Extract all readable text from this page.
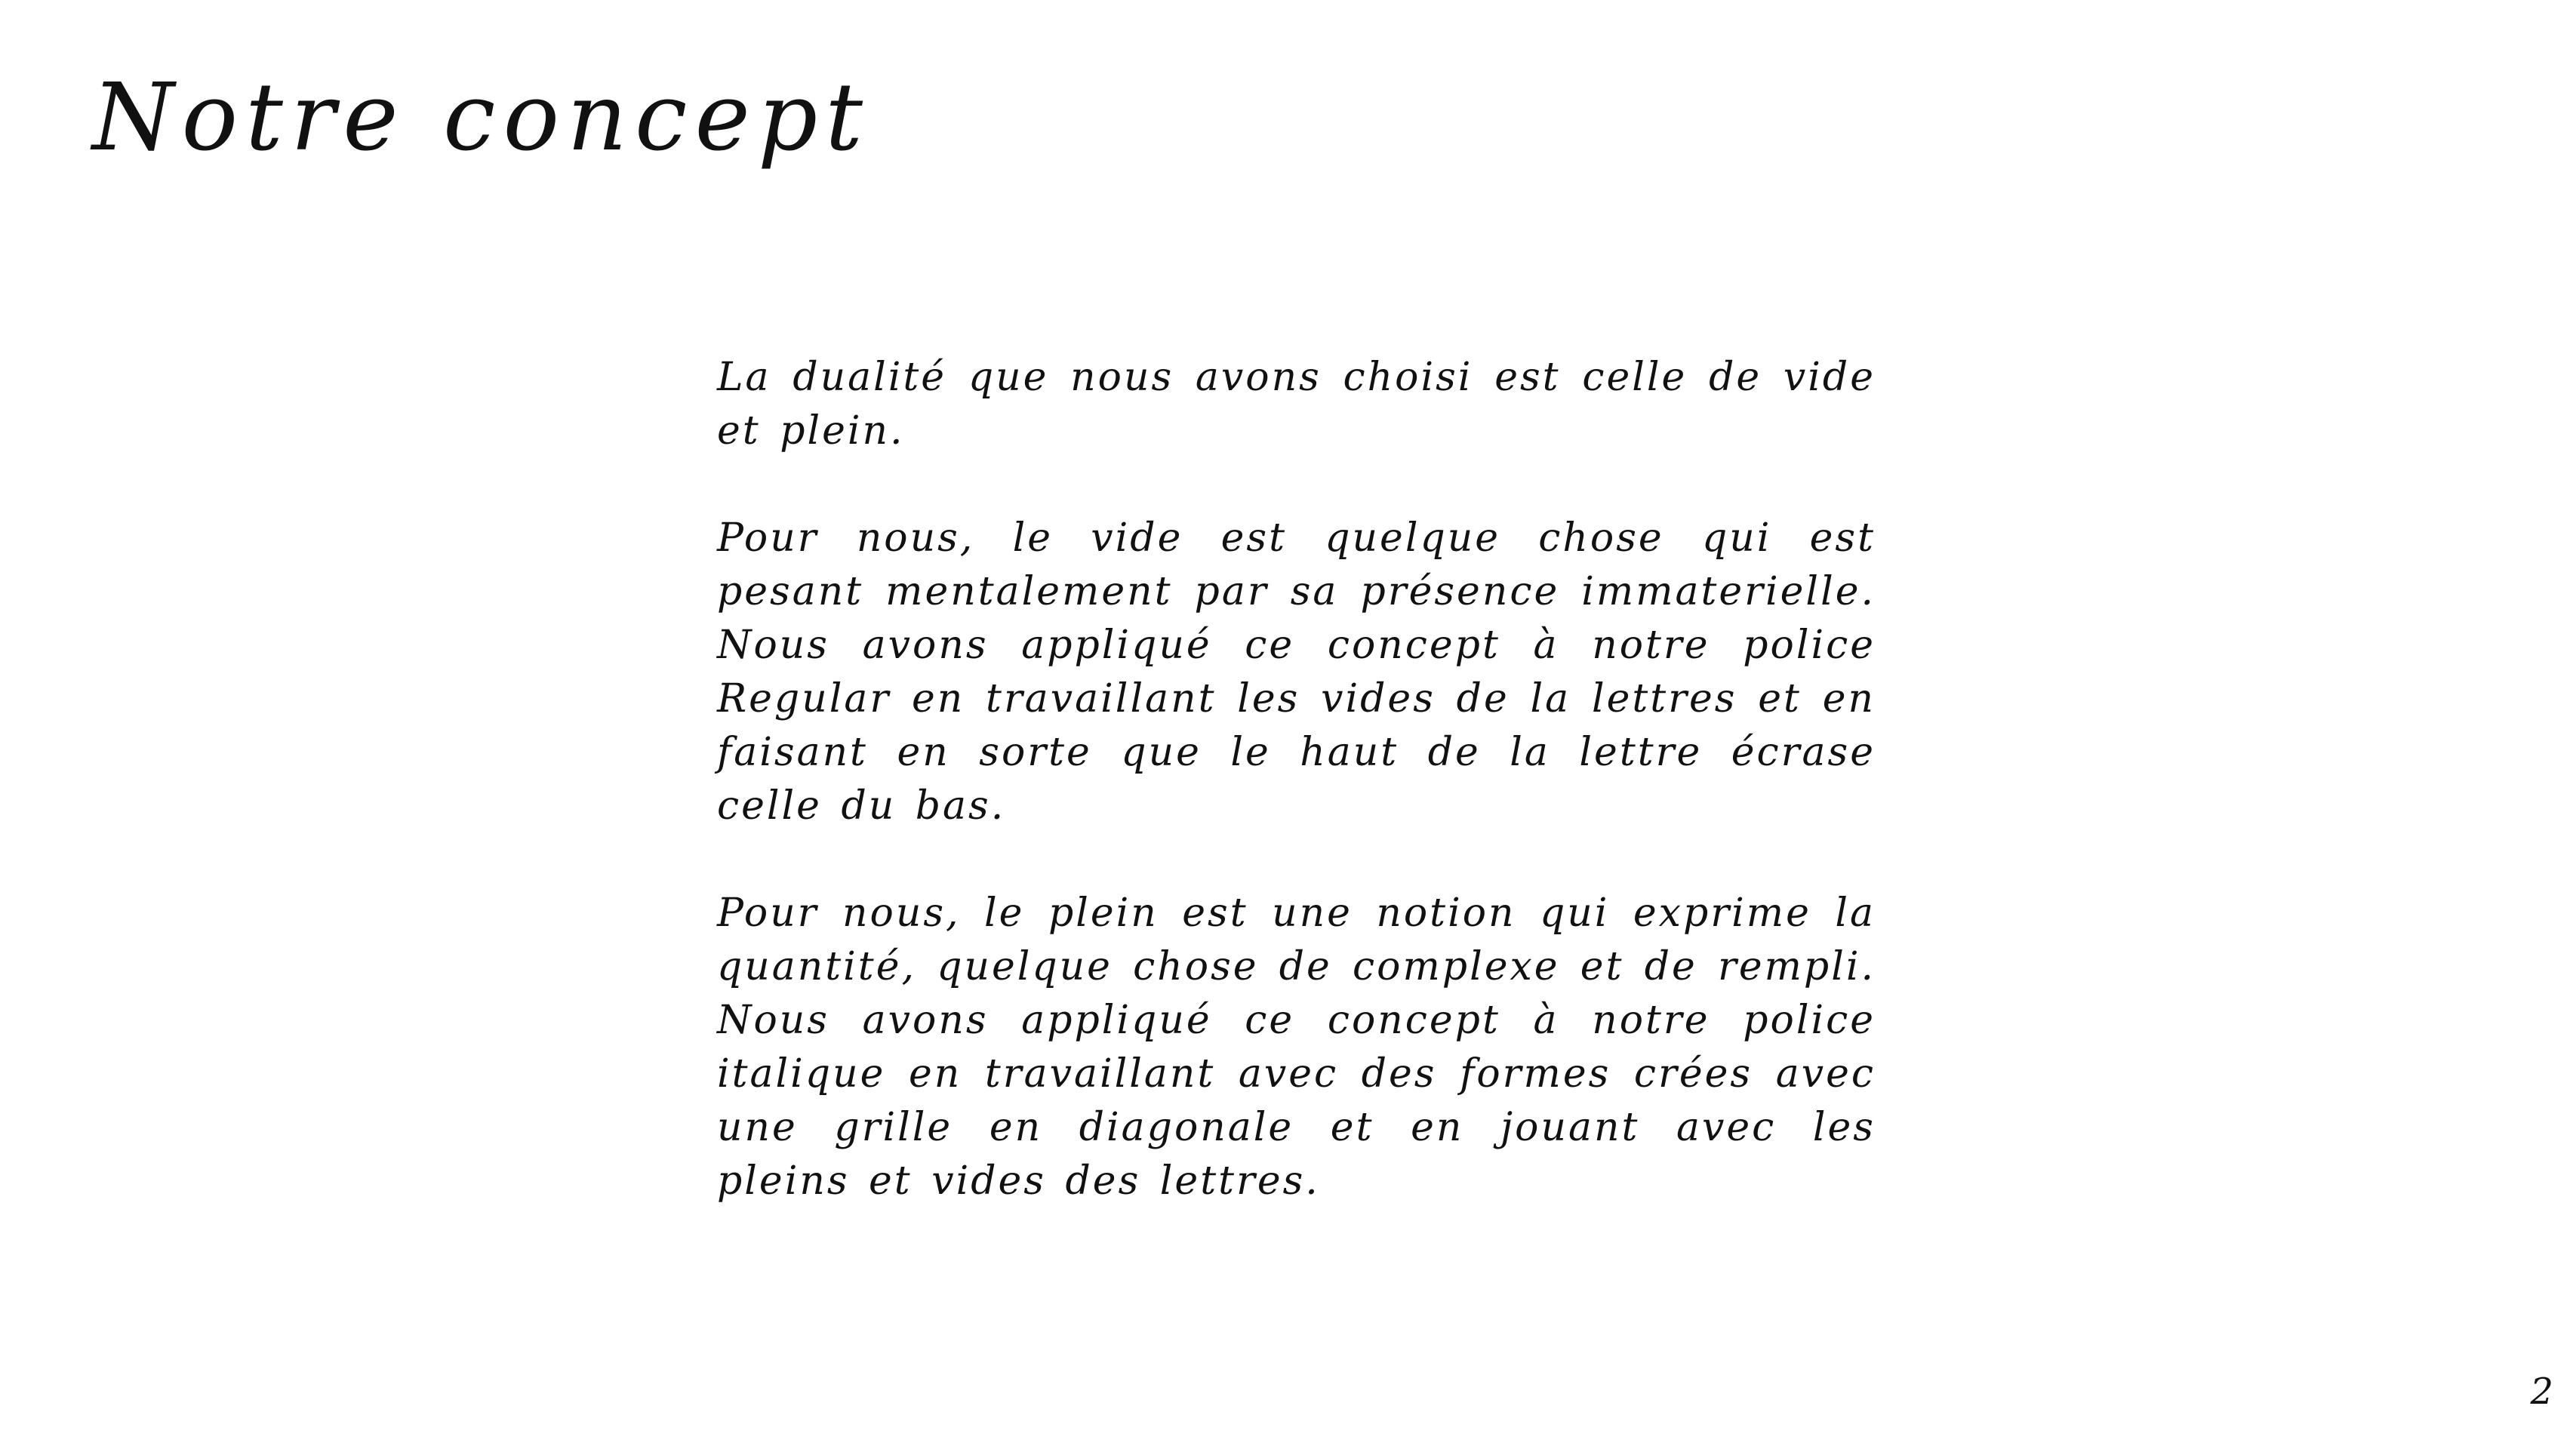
Notre concept

La dualité que nous avons choisi est celle de vide et plein.

Pour nous, le vide est quelque chose qui est pesant mentalement par sa présence immaterielle. Nous avons appliqué ce concept à notre police Regular en travaillant les vides de la lettres et en faisant en sorte que le haut de la lettre écrase celle du bas.

Pour nous, le plein est une notion qui exprime la quantité, quelque chose de complexe et de rempli. Nous avons appliqué ce concept à notre police italique en travaillant avec des formes crées avec une grille en diagonale et en jouant avec les pleins et vides des lettres.

2
